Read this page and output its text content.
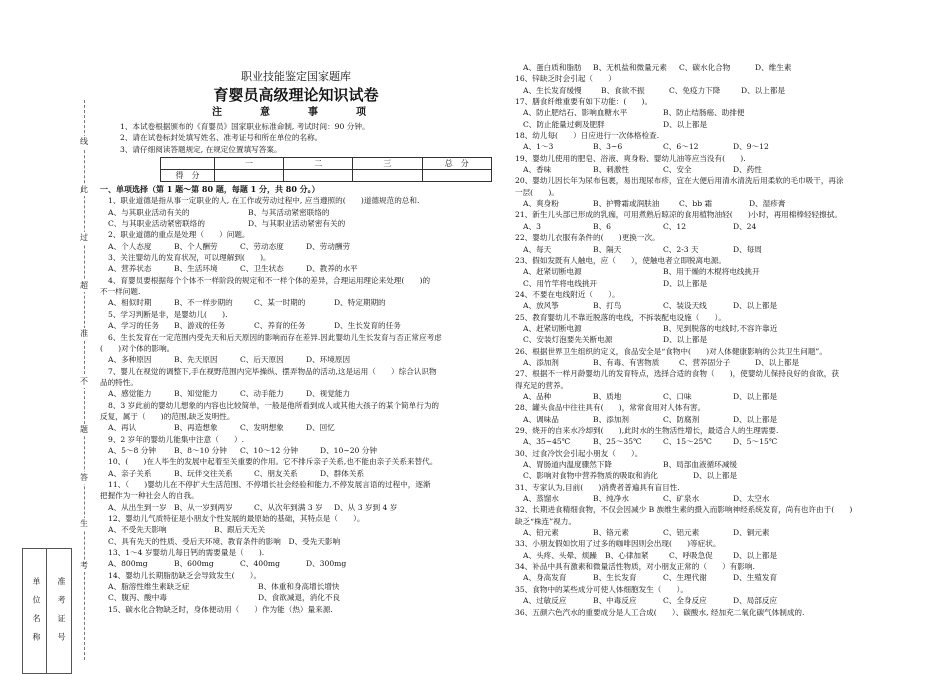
线
此
过
超
准
不
题
答
生
考
单 位 名 称	准 考 证 号
职业技能鉴定国家题库
育婴员高级理论知识试卷
注　意　事　项
1、本试卷根据颁布的《育婴员》国家职业标准命制, 考试时间：90 分钟。
2、请在试卷标封处填写姓名、准考证号和所在单位的名称。
3、请仔细阅读答题规定, 在规定位置填写答案。
	一	二	三	总　分
得　分				
一、单项选择（第 1 题～第 80 题，每题 1 分，共 80 分。）
1、职业道德是指从事一定职业的人, 在工作或劳动过程中, 应当遵照的(　　)道德规范的总和.
A、与其职业活动有关的	B、与其活动紧密联络的
C、与其职业活动紧密联络的	D、与其职业活动紧密有关的
2、职业道德的重点是处理（　　）问题。
A、个人态度	B、个人酬劳	C、劳动态度	D、劳动酬劳
3、关注婴幼儿的发育状况，可以理解到(　　)。
A、营养状态	B、生活环境	C、卫生状态	D、教养的水平
4、育婴员要根据每个个体不一样阶段的规定和不一样个体的差异，合理运用理论来处理(　　)的
不一样问题.
A、相似时期	B、不一样步期的	C、某一时期的	D、特定期期的
5、学习判断是非，是婴幼儿(　　).
A、学习的任务	B、游戏的任务	C、养育的任务	D、生长发育的任务
6、生长发育在一定范围内受先天和后天原因的影响而存在差异.因此婴幼儿生长发育与否正常应考虑
(　　)对个体的影响。
A、多种原因	B、先天原因	C、后天原因	D、环境原因
7、婴儿在视觉的调整下,手在视野范围内完毕操纵、摆弄物品的活动,这是运用（　　）综合认识物
品的特性。
A、感觉能力	B、知觉能力	C、动手能力	D、视觉能力
8、3 岁此前的婴幼儿想象的内容也比较简单，一般是他所看到成人或其他大孩子的某个简单行为的
反复，属于（　　)的范围,缺乏发明性。
A、再认	B、再造想象	C、发明想象	D、回忆
9、2 岁年的婴幼儿能集中注意（　　）.
A、5～8 分钟	B、8～10 分钟	C、10～12 分钟	D、10~20 分钟
10、(　　)在人毕生的发展中起着至关重要的作用。它不排斥亲子关系,也不能由亲子关系来替代。
A、亲子关系	B、玩伴交往关系	C、朋友关系	D、群体关系
11、（　　)婴幼儿在不停扩大生活范围、不停增长社会经验和能力,不停发展言语的过程中，逐渐
把握作为一种社会人的自我。
A、从出生到一岁 B、从一岁到两岁	C、从次年到满 3 岁	D、从 3 岁到 4 岁
12、婴幼儿气质特征是小朋友个性发展的最原始的基础，其特点是（　　）。
A、不受先天影响	B、跟后天无关
C、具有先天的性质、受后天环境、教育条件的影响　D、受先天影响
13、1～4 岁婴幼儿每日钙的需要量是（　　).
A、800mg	B、600mg	C、400mg	D、300mg
14、婴幼儿长期脂肪缺乏会导致发生(　　）。
A、脂溶性维生素缺乏症	B、体重和身高增长增快
C、腹泻、酸中毒	D、食欲减退，消化不良
15、碳水化合物缺乏时，身体便动用（　　）作为能（热）量来源.
A、蛋白质和脂肪	B、无机盐和微量元素	C、碳水化合物	D、维生素
16、锌缺乏时会引起（　　）
A、生长发育缓慢	B、食欲不振	C、免疫力下降	D、以上都是
17、膳食纤维重要有如下功能：(　　)。
A、防止肥结石、影响血糖水平	B、防止结肠癌、助排便
C、防止能量过剩及肥胖	D、以上都是
18、幼儿每(　　）日应进行一次体格检查.
A、1～3	B、3~6	C、6～12	D、9～12
19、婴幼儿使用的肥皂、浴液、爽身粉、婴幼儿油等应当没有(　　).
A、香味	B、刺激性	C、安全	D、药性
20、婴幼儿因长年为尿布包裹，易出现尿布疹，宜在大便后用清水清洗后用柔软的毛巾吸干，再涂
一层(　　)。
A、爽身粉	B、护臀霜或润肤油	C、bb 霜	D、湿疹膏
21、新生儿头部已形成的乳痂，可用煮熟后晾凉的食用植物油轻(　　)小时，再用棉棒轻轻擦拭。
A、3	B、6	C、12	D、24
22、婴幼儿衣服有条件的(　　)更换一次。
A、每天	B、隔天	C、2-3 天	D、每周
23、假如发既有人触电，应（　　），使触电者立即脱离电源。
A、赶紧切断电源	B、用干燥的木棍将电线挑开
C、用竹竿将电线挑开	D、以上都是
24、不要在电线附近（　　）。
A、放风筝	B、打鸟	C、装设天线	D、以上都是
25、教育婴幼儿不靠近脱落的电线，不拆装配电设施（　　）。
A、赶紧切断电源	B、见到脱落的电线时,不容许靠近
C、安装灯泡要先关断电源	D、以上都是
26、根据世界卫生组织的定义，食品安全是“食物中(　　)对人体健康影响的公共卫生问题”。
A、添加剂	B、有毒、有害物质	C、营养固分子	D、以上都是
27、根据不一样月龄婴幼儿的发育特点，选择合适的食物（　　)，使婴幼儿保持良好的食欲，获
得充足的营养。
A、品种	B、质地	C、口味	D、以上都是
28、罐头食品中往往具有(　　)，常常食用对人体有害。
A、调味品	B、添加剂	C、防腐剂	D、以上都是
29、烧开的自来水冷却到(　　),此时水的生物活性增长，最适合人的生理需要.
A、35~45℃	B、25～35℃	C、15～25℃	D、5～15℃
30、过食冷饮会引起小朋友（　　）。
A、胃肠道内温度骤然下降	B、局部血液循环减缓
C、影响对食物中营养物质的吸取和消化	D、以上都是
31、专家认为,目前(　　)消费者普遍具有盲目性.
A、蒸馏水	B、纯净水	C、矿泉水	D、太空水
32、长期进食精细食物，不仅会因减少 B 族维生素的摄入而影响神经系统发育，尚有也许由于(　　)
缺乏“株连”视力。
A、铅元素	B、铬元素	C、铝元素	D、铜元素
33、小朋友假如饮用了过多的咖啡因则会出现(　　)等症状。
A、头疼、头晕、烦躁	B、心律加紧	C、呼吸急促	D、以上都是
34、补品中具有激素和微量活性物质，对小朋友正常的（　　）有影响.
A、身高发育	B、生长发育	C、生理代谢	D、生殖发育
35、食物中的某些成分可使人体细胞发生（　　）。
A、过敏反应	B、中毒反应	C、全身反应	D、局部反应
36、五颜六色汽水的重要成分是人工合成(　　）、碳酸水, 经加充二氧化碳气体制成的.
